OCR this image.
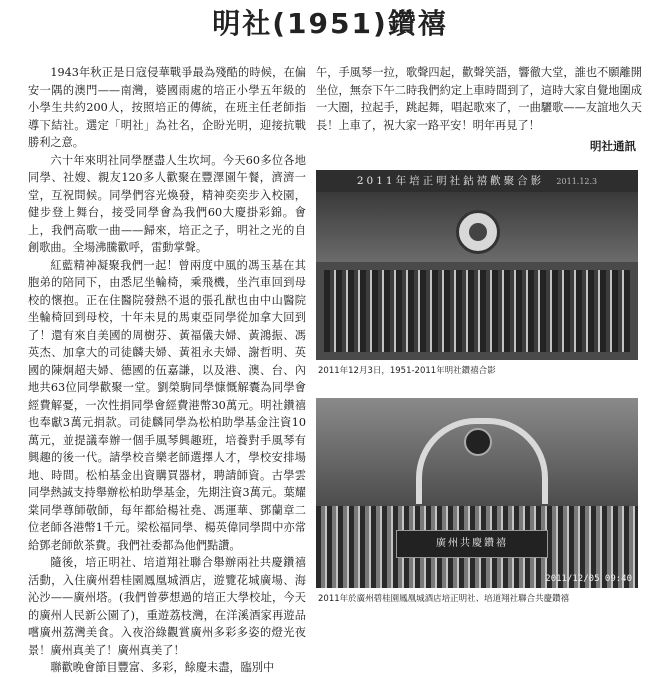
明社(1951)鑽禧

1943年秋正是日寇侵華戰爭最為殘酷的時候，在偏安一隅的澳門——南灣，婆國雨處的培正小學五年級的小學生共約200人，按照培正的傳統，在班主任老師指導下結社。選定「明社」為社名，企盼光明，迎接抗戰勝利之意。

六十年來明社同學歷盡人生坎坷。今天60多位各地同學、社嫂、親友120多人歡聚在豐澤園午餐，濟濟一堂，互祝問候。同學們容光煥發，精神奕奕步入校園，健步登上舞台，接受同學會為我們60大慶掛彩錦。會上，我們高歌一曲——歸來，培正之子，明社之光的自創歌曲。全場沸騰歡呼，雷動掌聲。

紅藍精神凝聚我們一起！曾兩度中風的馮玉基在其胞弟的陪同下，由悉尼坐輪椅，乘飛機，坐汽車回到母校的懷抱。正在住醫院發熱不退的張孔猷也由中山醫院坐輪椅回到母校，十年未見的馬東亞同學從加拿大回到了！還有來自美國的周樹芬、黃福儀夫婦、黃鴻振、馮英杰、加拿大的司徒麟夫婦、黃祖永夫婦、謝哲明、英國的陳炯超夫婦、德國的伍嘉謙，以及港、澳、台、內地共63位同學歡聚一堂。劉榮駒同學慷慨解囊為同學會經費解憂，一次性捐同學會經費港幣30萬元。明社鑽禧也奉獻3萬元捐款。司徒麟同學為松柏助學基金注資10萬元，並提議奉辦一個手風琴興趣班，培養對手風琴有興趣的後一代。請學校音樂老師選擇人才，學校安排場地、時間。松柏基金出資購買器材，聘請師資。古學雲同學熱誠支持舉辦松柏助學基金，先期注資3萬元。葉耀棠同學尊師敬師，每年都給楊社堯、馮運華、鄧蘭章二位老師各港幣1千元。梁松福同學、楊英偉同學問中亦常給鄧老師飲茶費。我們社委都為他們點讚。

隨後，培正明社、培道翔社聯合舉辦兩社共慶鑽禧活動，入住廣州碧桂園鳳凰城酒店，遊覽花城廣場、海沁沙——廣州塔。(我們曾夢想過的培正大學校址，今天的廣州人民新公園了)，重遊荔枝灣，在洋溪酒家再遊品嚐廣州荔灣美食。入夜浴綠觀賞廣州多彩多姿的燈光夜景！廣州真美了！廣州真美了！

聯歡晚會節目豐富、多彩，餘慶未盡，臨別中

午，手風琴一拉，歌聲四起，歡聲笑語，響徹大堂，誰也不願離開坐位，無奈下午二時我們約定上車時間到了，這時大家自覺地圍成一大圈，拉起手，跳起舞，唱起歌來了，一曲驪歌——友誼地久天長！上車了，祝大家一路平安！明年再見了！

明社通訊
2011年培正明社鈷禧歡聚合影 2011.12.3
2011年12月3日，1951-2011年明社鑽禧合影
廣州共慶鑽禧
2011/12/05 09:40
2011年於廣州碧桂園鳳凰城酒店培正明社、培道翔社聯合共慶鑽禧
